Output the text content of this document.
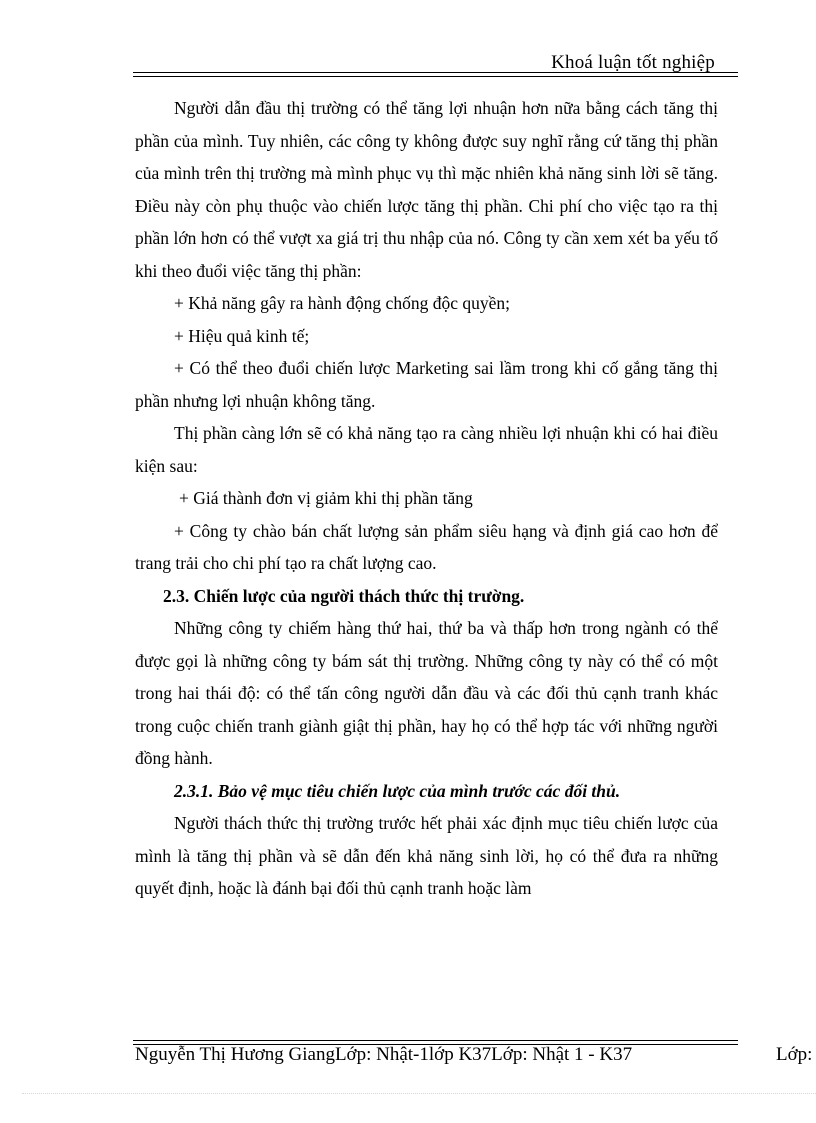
Khoá luận tốt nghiệp

Người dẫn đầu thị trường có thể tăng lợi nhuận hơn nữa bằng cách tăng thị phần của mình. Tuy nhiên, các công ty không được suy nghĩ rằng cứ tăng thị phần của mình trên thị trường mà mình phục vụ thì mặc nhiên khả năng sinh lời sẽ tăng. Điều này còn phụ thuộc vào chiến lược tăng thị phần. Chi phí cho việc tạo ra thị phần lớn hơn có thể vượt xa giá trị thu nhập của nó. Công ty cần xem xét ba yếu tố khi theo đuổi việc tăng thị phần:

+ Khả năng gây ra hành động chống độc quyền;

+ Hiệu quả kinh tế;

+ Có thể theo đuổi chiến lược Marketing sai lầm trong khi cố gắng tăng thị phần nhưng lợi nhuận không tăng.

Thị phần càng lớn sẽ có khả năng tạo ra càng nhiều lợi nhuận khi có hai điều kiện sau:

+ Giá thành đơn vị giảm khi thị phần tăng

+ Công ty chào bán chất lượng sản phẩm siêu hạng và định giá cao hơn để trang trải cho chi phí tạo ra chất lượng cao.

2.3. Chiến lược của người thách thức thị trường.

Những công ty chiếm hàng thứ hai, thứ ba và thấp hơn trong ngành có thể được gọi là những công ty bám sát thị trường. Những công ty này có thể có một trong hai thái độ: có thể tấn công người dẫn đầu và các đối thủ cạnh tranh khác trong cuộc chiến tranh giành giật thị phần, hay họ có thể hợp tác với những người đồng hành.

2.3.1. Bảo vệ mục tiêu chiến lược của mình trước các đối thủ.

Người thách thức thị trường trước hết phải xác định mục tiêu chiến lược của mình là tăng thị phần và sẽ dẫn đến khả năng sinh lời, họ có thể đưa ra những quyết định, hoặc là đánh bại đối thủ cạnh tranh hoặc làm

Nguyễn Thị Hương GiangLớp: Nhật-1lớp K37Lớp: Nhật 1 - K37	Lớp:
